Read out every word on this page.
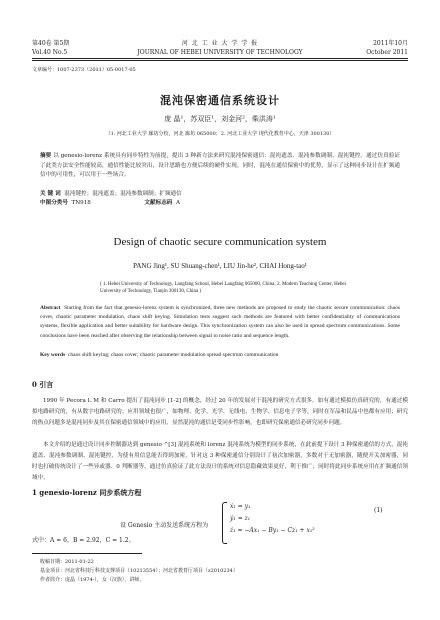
第40卷 第5期
Vol.40 No.5
河 北 工 业 大 学 学 报
JOURNAL OF HEBEI UNIVERSITY OF TECHNOLOGY
2011年10月
October 2011
文章编号：1007-2373（2011）05-0017-05
混沌保密通信系统设计
庞 晶¹，苏双臣¹，刘金河²，柴洪涛¹
（1. 河北工业大学 廊坊分校，河北 廊坊 065000；2. 河北工业大学 现代化教育中心，天津 300130）
摘要 以 genesio-lorenz 系统具有同步特性为前提，提出 3 种新方法来研究混沌保密通信：混沌遮盖、混沌参数调制、混沌键控。通过仿真验证了此类方法安全性能较高，通信性能比较突出，设计思路也方便后续的硬件实现。同时，混沌在通信保密中的优势，显示了这种同步设计在扩频通信中的可用性，可以用于一些场合。
关 键 词 混沌键控；混沌遮盖；混沌参数调制；扩频通信
中图分类号 TN918	文献标志码 A
Design of chaotic secure communication system
PANG Jing¹, SU Shuang-chen¹, LIU Jin-he², CHAI Hong-tao¹
( 1. Hebei University of Technology, Langfang School, Hebei Langfang 065000, China; 2. Modern Teaching Center, Hebei University of Technology, Tianjin 300130, China )
Abstract Starting from the fact that genesio-lorenz system is synchronized, three new methods are proposed to study the chaotic secure communication: chaos cover, chaotic parameter modulation, chaos shift keying. Simulation tests suggest such methods are featured with better confidentiality of communications systems, flexible application and better suitability for hardware design. This synchronization system can also be used in spread spectrum communications. Some conclusions have been reached after observing the relationship between signal to noise ratio and sequence length.
Key words chaos shift keying; chaos cover; chaotic parameter modulation spread spectrum communication
0 引言
1990 年 Pecora L M 和 Carro 提出了混沌同步 [1-2] 的概念，经过 20 年的发展对于混沌的研究方式很多，如有通过模拟仿真研究的，有通过模拟电路研究的，有从数字电路研究的；应用领域也很广，如物理、化学、光学、无线电、生物学、信息电子学等，同时在军品和民品中也都有应用；研究的热点问题多是混沌同步及其在保密通信领域中的应用，显然混沌的通信是受同步性影响，也即研究保密通信必研究同步问题。
本文介绍的是通过设计同步控制器达到 genesio ^[3] 混沌系统和 lorenz 混沌系统为模型的同步系统，在此前提下设计 3 种保密通信的方式，混沌遮盖、混沌参数调制、混沌键控，为使有用信息能否得到加密，针对这 3 种保密通信分别设计了初次加密器，多数对于无加密器，随便开关加密器，同时也打破传统设计了一些异或器、0 判断器等，通过仿真验证了此方法设计的系统对信息隐藏效果更好，利于推广；同时将此同步系统应用在扩频通信领域中。
1 genesio-lorenz 同步系统方程
设 Genesio 主动发送系统方程为
ẋ₁ = y₁
ẏ₁ = z₁
ż₁ = −Ax₁ − By₁ − Cz₁ + x₁²
(1)
式中：A = 6，B = 2.92，C = 1.2。
收稿日期：2011-01-22
基金项目：河北省科技厅科技支撑项目（10213554）；河北省教育厅项目（z2010234）
作者简介：庞晶（1974-），女（汉族），讲师。
